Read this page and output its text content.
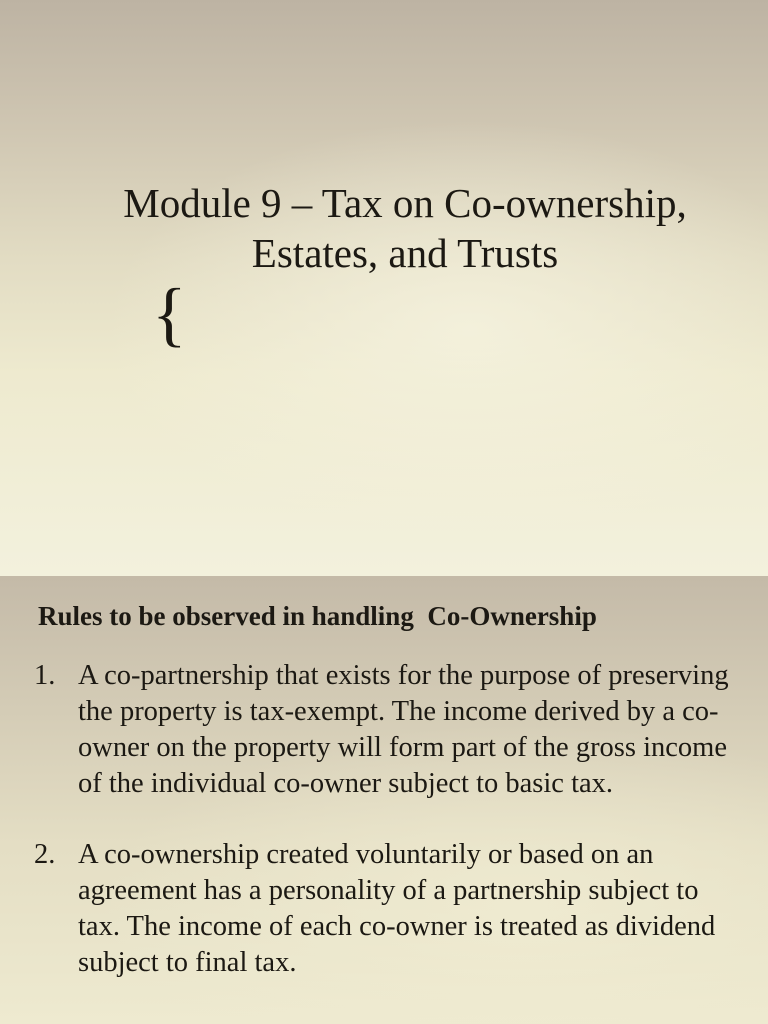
Module 9 – Tax on Co-ownership,
Estates, and Trusts
{
Rules to be observed in handling  Co-Ownership
1. A co-partnership that exists for the purpose of preserving the property is tax-exempt. The income derived by a co-owner on the property will form part of the gross income of the individual co-owner subject to basic tax.
2. A co-ownership created voluntarily or based on an agreement has a personality of a partnership subject to tax. The income of each co-owner is treated as dividend subject to final tax.
